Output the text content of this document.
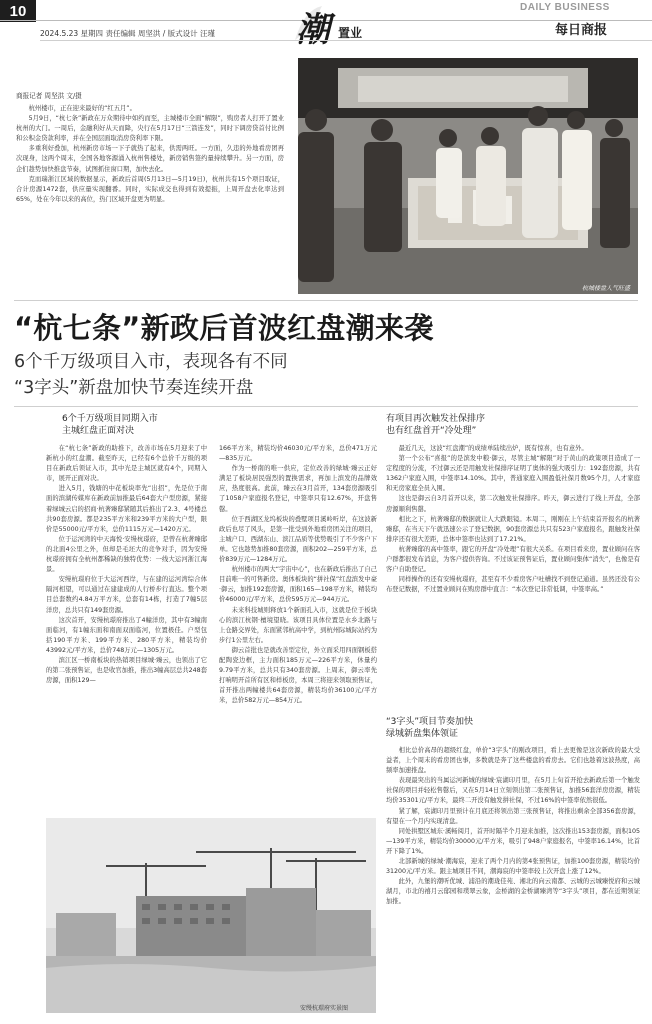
10
2024.5.23 星期四 责任编辑 周坚洪 / 版式设计 汪瑾 潮 置业
DAILY BUSINESS
每日商报
商报记者 周坚洪 文/摄

杭州楼市，正在迎来最好的“红五月”。

5月9日，“杭七条”新政在万众期待中如约而至，主城楼市全面“解限”，购房者人打开了置业杭州的大门。一周后，金融利好从天而降，央行在5月17日“三箭连发”，同时下调房贷首付比例和公积金贷款利率，并在全国层面取消房贷利率下限。

多重利好叠加，杭州新房市场一下子就热了起来，供需两旺。一方面，久违的外地看房团再次现身，这两个周末，全国各地客源涌入杭州售楼处，新房销售签约量持续攀升。另一方面，房企们趁势加快推盘节奏，试图抓住窗口期，加快去化。

克而瑞浙江区域的数据显示，新政后首周(5月13日—5月19日)，杭州共有15个项目取证，合计房源1472套，供应量实现翻番。同时，实际成交也得到有效提振，上周开盘去化率达到65%，处在今年以来的高位，热门区域开盘更为明显。

杭城楼盘人气旺盛
“杭七条”新政后首波红盘潮来袭
6个千万级项目入市，表现各有不同
“3字头”新盘加快节奏连续开盘
6个千万级项目同期入市
主城红盘正面对决

在“杭七条”新政的助推下，改善市场在5月迎来了中新杭小的红盘潮。截至昨天，已经有6个总价千万级的项目在新政后领证入市，其中光是主城区就有4个，同期入市，展开正面对决。

进入5月，钱塘的中花板块率先“出招”，先是位于南面的滨湖传媒库在新政前加推最后64套大户型房源，紧接着绿城云启的招商·杭著臻邸紧随其后推出了2.3、4号楼总共90套房源。都是235平方米和239平方米的大户型，限价是55000元/平方米，总价1115万元—1420万元。

位于运河湾的中天海悦·安缦杭璟府，是曾在杭著臻邸的北面4公里之外，但却是毛坯大的竞争对手，因为安缦杭璟府拥有全杭州都稀缺的独特优势：一线大运河浙江海景。

安缦杭璟府位于大运河西岸，与在建的运河湾综合体隔河相望，可以通过在建建成的人行桥步行直达。整个项目总套数约4.84万平方米，总套有14栋，打造了7幢5层洋房，总共只有149套房源。

这次首开，安缦杭璟府推出了4幢洋房，其中有3幢南面临河，有1幢东面和南面双面临河，位置极佳。户型包括190平方米、199平方米、280平方米，精装均价43992元/平方米，总价748万元—1305万元。

滨江区一桥南板块的热销项目绿城·臻云，也领出了它的第二张预售证，也是收官加推，推出3幢高层总共248套房源，面积129—

166平方米，精装均价46030元/平方米，总价471万元—835万元。

作为一桥南的唯一供应，定位改善的绿城·臻云正好满足了板块居民强烈的置换需求，再加上滨发的品牌效应，热度很高。此前，臻云在3月首开，134套房源吸引了1058户家庭报名登记，中签率只有12.67%，开盘售罄。

位于西湖区龙坞板块的叠墅项目溪岭听岸，在这波新政后也尽了风头，是第一批受到外地看房团关注的项目，主城户口、西湖东山、滨江品质等优势吸引了不少客户下单。它也趁势加推80套房源，面积202—259平方米，总价839万元—1284万元。

杭州楼市的两大“宇宙中心”，也在新政后推出了自己目前唯一的可售新房。奥体板块的“拼社保”红盘滨发中豪·御云，加推192套房源，面积165—198平方米，精装均价46000元/平方米，总价595万元—944万元。

未来科技城则释放1个新面孔入市，这就是位于板块心的滨江杭钢·檀境望晓。该项目具体位置是水乡北路与上仓路交界处，东面紧邻杭高中学，到杭州际城际站约为步行1公里左右。

御云首批也是就改善型定位，外立面采用四面钢板搭配陶瓷边框，主力面积185万元—226平方米，休量约9.79平方米，总共只有340套房源。上周末，御云率先打响明开首所有区和样板房，本周三将迎来领取预售证，首开推出两幢楼共64套房源，精装均价36100元/平方米，总价582万元—854万元。

有项目再次触发社保排序
也有红盘首开“冷处理”

最近几天，这波“红盘潮”的成绩单陆续出炉，既有惊喜，也有意外。

第一个公布“喜报”的是滨发中粮·御云，尽管主城“解限”对于黄山的政策项目造成了一定程度的分流，不过御云还是用触发社保排序证明了奥体的强大吸引力：192套房源，共有1362户家庭入围，中签率14.10%。其中，普通家庭入围盈低社保月数95个月，人才家庭和无房家庭全员入围。

这也是御云自3月首开以来，第二次触发社保排序。昨天，御云进行了线上开盘，全部房源顺利售罄。

相比之下，杭著臻邸的数据就让人大跌眼镜。本周二，刚刚在上午结束首开报名的杭著臻邸，在当天下午就迅速公示了登记数据，90套房源总共只有523户家庭报名，跟触发社保排序还有很大差距，总体中签率也达到了17.21%。

杭著臻邸的高中签率，跟它的开盘“冷处理”有很大关系。在项目看来房，置业顾问在客户群都很发布消息，为客户提供咨询。不过该证预售证后，置业顾问集体“消失”，也像是有客户自助登记。

同样操作的还有安缦杭璟府，甚至有不少看房客户吐槽找不到登记通道。虽然还没有公布登记数据，不过置业顾问在购房群中直言：“本次登记非常低调，中签率高。”

“3字头”项目节奏加快
绿城新盘集体领证

相比总价高昂的超级红盘，单价“3字头”的刚改项目，看上去更像是这次新政的最大受益者，上个周末的看房团也事，多数就是奔了这些楼盘的看房去。它们也趁着这波热度，高频率加速推盘。

表现最突出的当属运河新城的绿城·宸湖印月里，在5月上旬首开抢去新政后第一个触发社保的项目并轻松售罄后，又在5月14日立刻领出第二张预售证，加推56套洋房房源，精装均价35301元/平方米，最终二开没有触发拼社保，不过16%的中签率依然很低。

紧了解，宸湖印月里预计在月底还将领出第三张预售证，将推出剩余全部356套房源，有望在一个月内实现清盘。

同处拱墅区城东·溪畅阅月，首开时隔半个月迎来加推，这次推出153套房源，面积105—139平方米，精装均价30000元/平方米，吸引了948户家庭报名，中签率16.14%，比首开下降了1%。

北部新城的绿城·潮海宸，迎来了两个月内的第4张预售证，加推100套房源，精装均价31200元/平方米。跟主城项目不同，潮海宸的中签率较上次开盘上涨了12%。

此外，九堡的潮听优城、浦沿的潮珑佳苑、湘北的向云南都、云城的云城臻悦府和云城湖月，市北的禧月云邸园和璞翠云象，金桥湖的金桥湖臻湾等“3字头”项目，都在近期领证加推。

安缦杭璟府实景图
